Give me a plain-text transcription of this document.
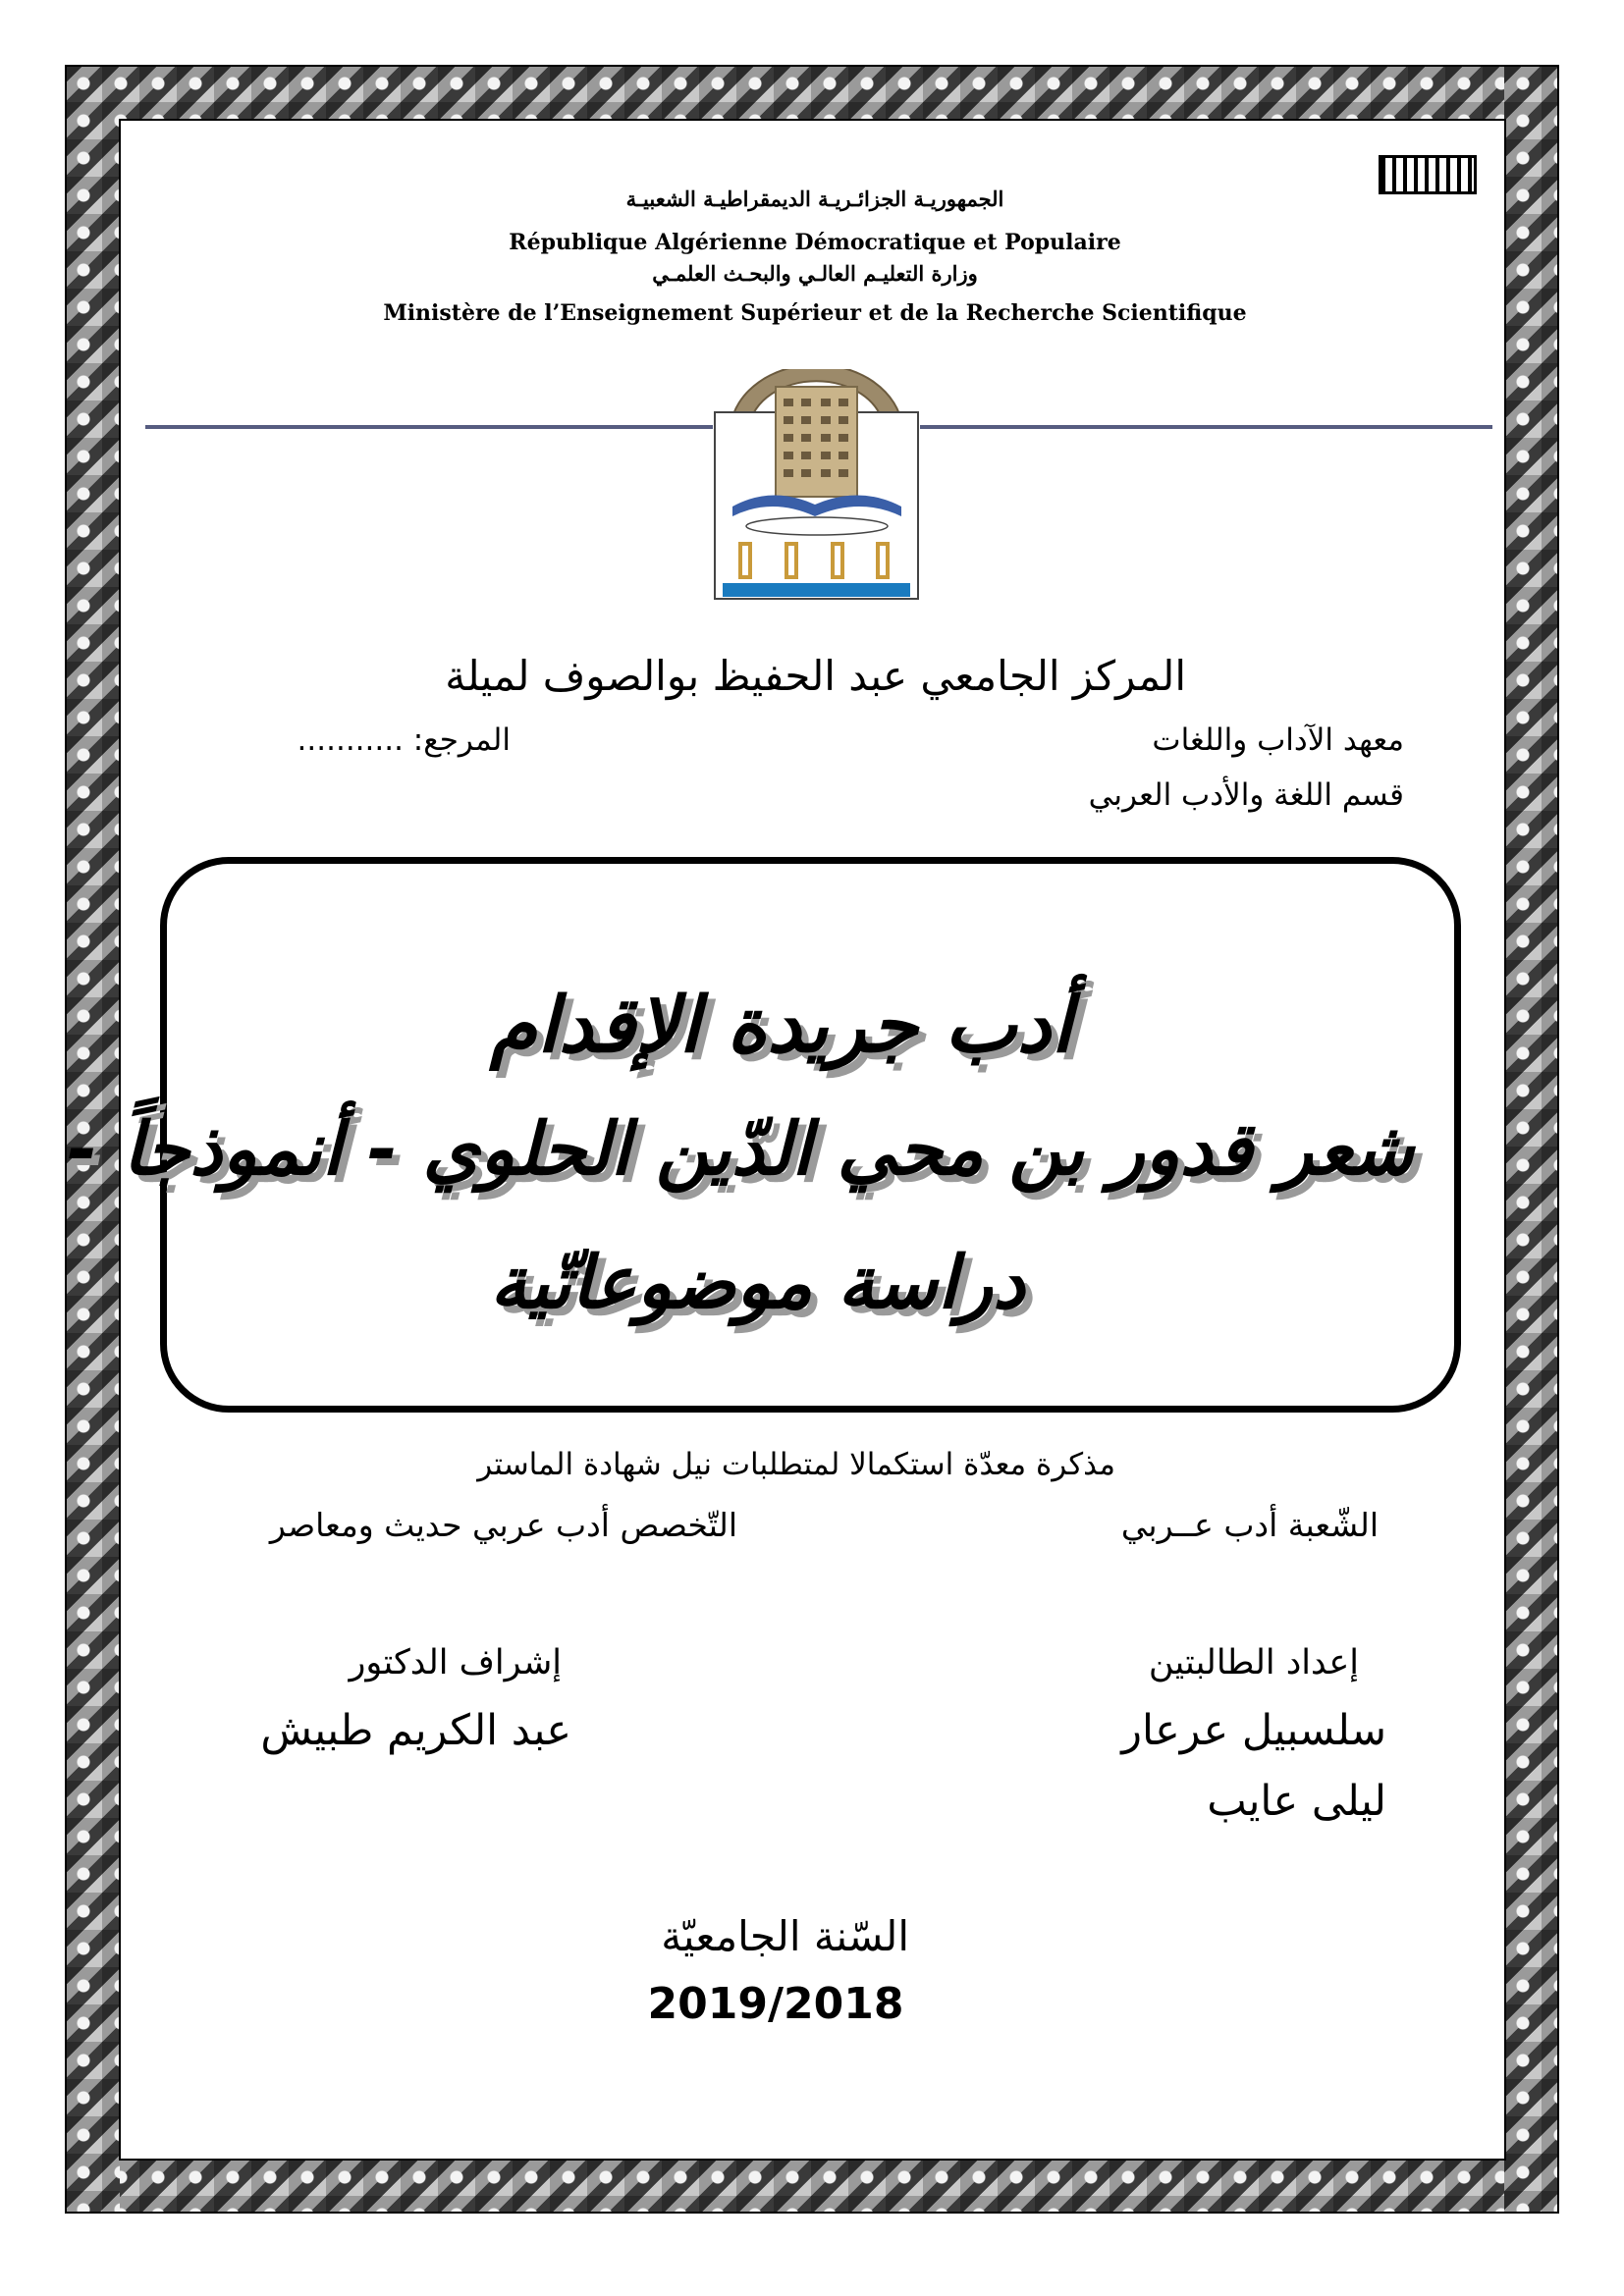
الجمهوريـة الجزائـريـة الديمقراطيـة الشعبيـة
République Algérienne Démocratique et Populaire
وزارة التعليـم العالـي والبحـث العلمـي
Ministère de l’Enseignement Supérieur et de la Recherche Scientifique
المركز الجامعي عبد الحفيظ بوالصوف لميلة
معهد الآداب واللغات
المرجع: ...........
قسم اللغة والأدب العربي
أدب جريدة الإقدام
شعر قدور بن محي الدّين الحلوي - أنموذجاً -
دراسة موضوعاتّية
مذكرة معدّة استكمالا لمتطلبات نيل شهادة الماستر
الشّعبة أدب عــربي
التّخصص أدب عربي حديث ومعاصر
إعداد الطالبتين
إشراف الدكتور
سلسبيل عرعار
عبد الكريم طبيش
ليلى عايب
السّنة الجامعيّة
2019/2018
